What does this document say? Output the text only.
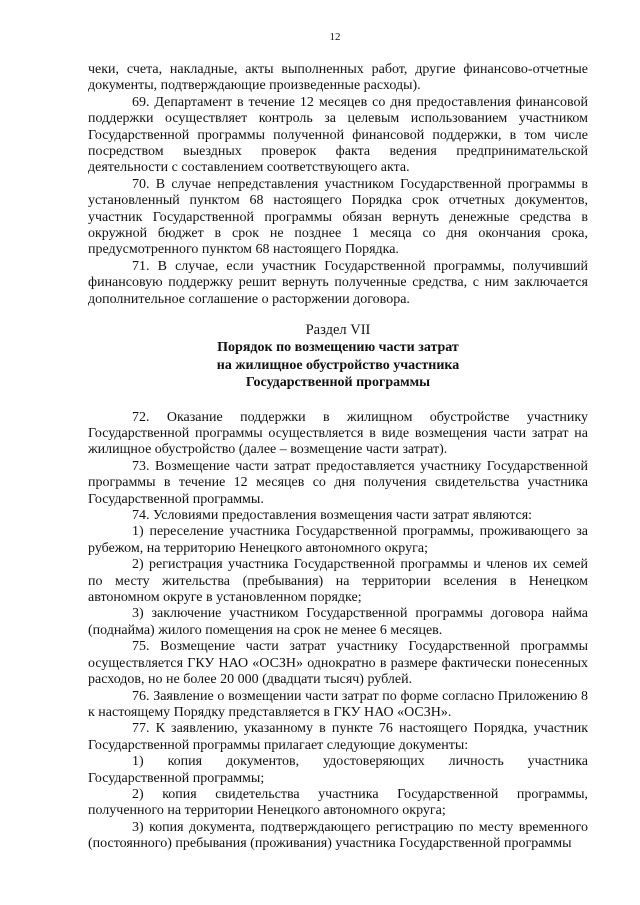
12

чеки, счета, накладные, акты выполненных работ, другие финансово-отчетные документы, подтверждающие произведенные расходы).

69. Департамент в течение 12 месяцев со дня предоставления финансовой поддержки осуществляет контроль за целевым использованием участником Государственной программы полученной финансовой поддержки, в том числе посредством выездных проверок факта ведения предпринимательской деятельности с составлением соответствующего акта.

70. В случае непредставления участником Государственной программы в установленный пунктом 68 настоящего Порядка срок отчетных документов, участник Государственной программы обязан вернуть денежные средства в окружной бюджет в срок не позднее 1 месяца со дня окончания срока, предусмотренного пунктом 68 настоящего Порядка.

71. В случае, если участник Государственной программы, получивший финансовую поддержку решит вернуть полученные средства, с ним заключается дополнительное соглашение о расторжении договора.

Раздел VII
Порядок по возмещению части затрат
на жилищное обустройство участника
Государственной программы

72. Оказание поддержки в жилищном обустройстве участнику Государственной программы осуществляется в виде возмещения части затрат на жилищное обустройство (далее – возмещение части затрат).

73. Возмещение части затрат предоставляется участнику Государственной программы в течение 12 месяцев со дня получения свидетельства участника Государственной программы.

74. Условиями предоставления возмещения части затрат являются:

1) переселение участника Государственной программы, проживающего за рубежом, на территорию Ненецкого автономного округа;

2) регистрация участника Государственной программы и членов их семей по месту жительства (пребывания) на территории вселения в Ненецком автономном округе в установленном порядке;

3) заключение участником Государственной программы договора найма (поднайма) жилого помещения на срок не менее 6 месяцев.

75. Возмещение части затрат участнику Государственной программы осуществляется ГКУ НАО «ОСЗН» однократно в размере фактически понесенных расходов, но не более 20 000 (двадцати тысяч) рублей.

76. Заявление о возмещении части затрат по форме согласно Приложению 8 к настоящему Порядку представляется в ГКУ НАО «ОСЗН».

77. К заявлению, указанному в пункте 76 настоящего Порядка, участник Государственной программы прилагает следующие документы:

1) копия документов, удостоверяющих личность участника Государственной программы;

2) копия свидетельства участника Государственной программы, полученного на территории Ненецкого автономного округа;

3) копия документа, подтверждающего регистрацию по месту временного (постоянного) пребывания (проживания) участника Государственной программы
